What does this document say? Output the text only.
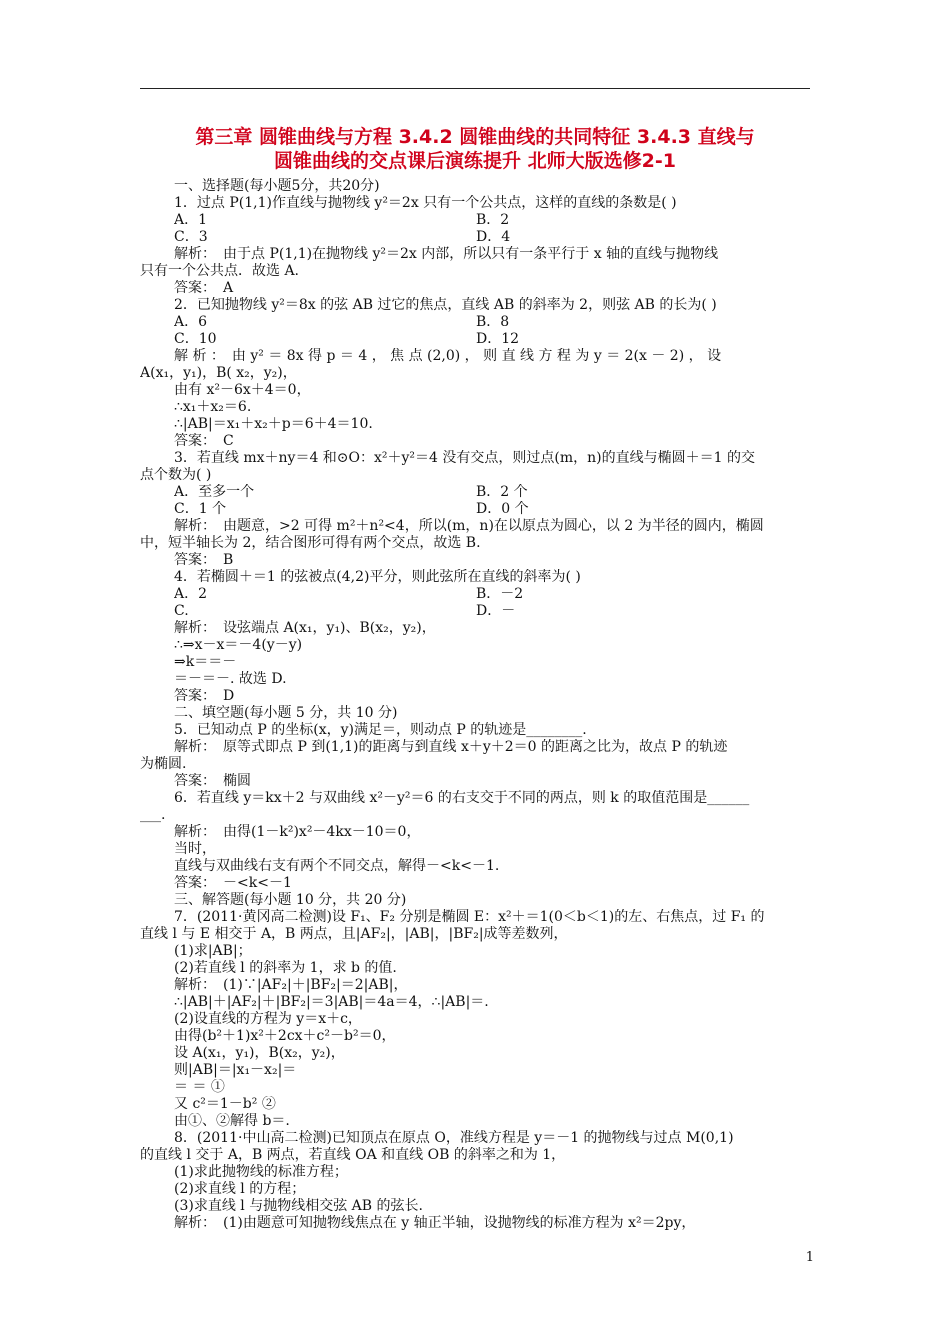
第三章 圆锥曲线与方程 3.4.2 圆锥曲线的共同特征 3.4.3 直线与
圆锥曲线的交点课后演练提升 北师大版选修2-1
一、选择题(每小题5分，共20分)
1．过点 P(1,1)作直线与抛物线 y²＝2x 只有一个公共点，这样的直线的条数是( )
A．1	B．2
C．3	D．4
解析：　由于点 P(1,1)在抛物线 y²＝2x 内部，所以只有一条平行于 x 轴的直线与抛物线
只有一个公共点．故选 A.
答案：　A
2．已知抛物线 y²＝8x 的弦 AB 过它的焦点，直线 AB 的斜率为 2，则弦 AB 的长为( )
A．6	B．8
C．10	D．12
解 析 ：　由 y² ＝ 8x 得 p ＝ 4 ， 焦 点 (2,0) ， 则 直 线 方 程 为 y ＝ 2(x － 2) ， 设
A(x₁，y₁)，B( x₂，y₂)，
由有 x²－6x＋4＝0，
∴x₁＋x₂＝6.
∴|AB|＝x₁＋x₂＋p＝6＋4＝10.
答案：　C
3．若直线 mx＋ny＝4 和⊙O：x²＋y²＝4 没有交点，则过点(m，n)的直线与椭圆＋＝1 的交
点个数为( )
A．至多一个	B．2 个
C．1 个	D．0 个
解析：　由题意，>2 可得 m²＋n²<4，所以(m，n)在以原点为圆心，以 2 为半径的圆内，椭圆
中，短半轴长为 2，结合图形可得有两个交点，故选 B.
答案：　B
4．若椭圆＋＝1 的弦被点(4,2)平分，则此弦所在直线的斜率为( )
A．2	B．－2
C.	D．－
解析：　设弦端点 A(x₁，y₁)、B(x₂，y₂)，
∴⇒x－x＝－4(y－y)
⇒k＝＝－
＝－＝－. 故选 D.
答案：　D
二、填空题(每小题 5 分，共 10 分)
5．已知动点 P 的坐标(x，y)满足＝，则动点 P 的轨迹是________.
解析：　原等式即点 P 到(1,1)的距离与到直线 x＋y＋2＝0 的距离之比为，故点 P 的轨迹
为椭圆.
答案：　椭圆
6．若直线 y＝kx＋2 与双曲线 x²－y²＝6 的右支交于不同的两点，则 k 的取值范围是______
___.
解析：　由得(1－k²)x²－4kx－10＝0，
当时，
直线与双曲线右支有两个不同交点，解得－<k<－1.
答案：　－<k<－1
三、解答题(每小题 10 分，共 20 分)
7．(2011·黄冈高二检测)设 F₁、F₂ 分别是椭圆 E：x²＋＝1(0＜b＜1)的左、右焦点，过 F₁ 的
直线 l 与 E 相交于 A，B 两点，且|AF₂|，|AB|，|BF₂|成等差数列，
(1)求|AB|；
(2)若直线 l 的斜率为 1，求 b 的值.
解析：　(1)∵|AF₂|＋|BF₂|＝2|AB|，
∴|AB|＋|AF₂|＋|BF₂|＝3|AB|＝4a＝4，∴|AB|＝.
(2)设直线的方程为 y＝x＋c，
由得(b²＋1)x²＋2cx＋c²－b²＝0，
设 A(x₁，y₁)，B(x₂，y₂)，
则|AB|＝|x₁－x₂|＝
＝ ＝ ①
又 c²＝1－b² ②
由①、②解得 b＝.
8．(2011·中山高二检测)已知顶点在原点 O，准线方程是 y＝－1 的抛物线与过点 M(0,1)
的直线 l 交于 A，B 两点，若直线 OA 和直线 OB 的斜率之和为 1，
(1)求此抛物线的标准方程；
(2)求直线 l 的方程；
(3)求直线 l 与抛物线相交弦 AB 的弦长.
解析：　(1)由题意可知抛物线焦点在 y 轴正半轴，设抛物线的标准方程为 x²＝2py，
1
